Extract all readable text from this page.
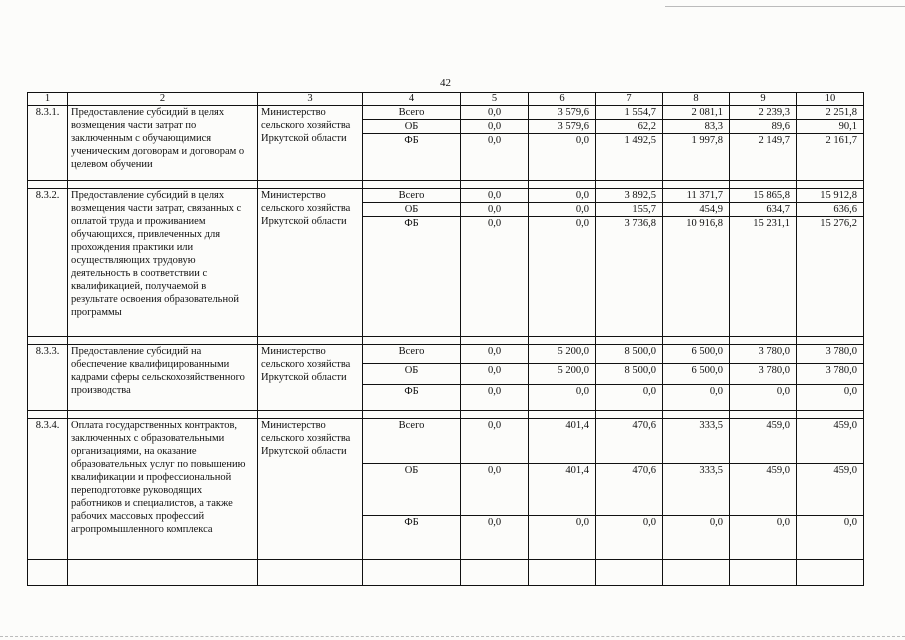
42
1	2	3	4	5	6	7	8	9	10
8.3.1.	Предоставление субсидий в целях возмещения части затрат по заключенным с обучающимися ученическим договорам и договорам о целевом обучении	Министерство сельского хозяйства Иркутской области	Всего	0,0	3 579,6	1 554,7	2 081,1	2 239,3	2 251,8
			ОБ	0,0	3 579,6	62,2	83,3	89,6	90,1
			ФБ	0,0	0,0	1 492,5	1 997,8	2 149,7	2 161,7

8.3.2.	Предоставление субсидий в целях возмещения части затрат, связанных с оплатой труда и проживанием обучающихся, привлеченных для прохождения практики или осуществляющих трудовую деятельность в соответствии с квалификацией, получаемой в результате освоения образовательной программы	Министерство сельского хозяйства Иркутской области	Всего	0,0	0,0	3 892,5	11 371,7	15 865,8	15 912,8
			ОБ	0,0	0,0	155,7	454,9	634,7	636,6
			ФБ	0,0	0,0	3 736,8	10 916,8	15 231,1	15 276,2

8.3.3.	Предоставление субсидий на обеспечение квалифицированными кадрами сферы сельскохозяйственного производства	Министерство сельского хозяйства Иркутской области	Всего	0,0	5 200,0	8 500,0	6 500,0	3 780,0	3 780,0
			ОБ	0,0	5 200,0	8 500,0	6 500,0	3 780,0	3 780,0
			ФБ	0,0	0,0	0,0	0,0	0,0	0,0

8.3.4.	Оплата государственных контрактов, заключенных с образовательными организациями, на оказание образовательных услуг по повышению квалификации и профессиональной переподготовке руководящих работников и специалистов, а также рабочих массовых профессий агропромышленного комплекса	Министерство сельского хозяйства Иркутской области	Всего	0,0	401,4	470,6	333,5	459,0	459,0
			ОБ	0,0	401,4	470,6	333,5	459,0	459,0
			ФБ	0,0	0,0	0,0	0,0	0,0	0,0
